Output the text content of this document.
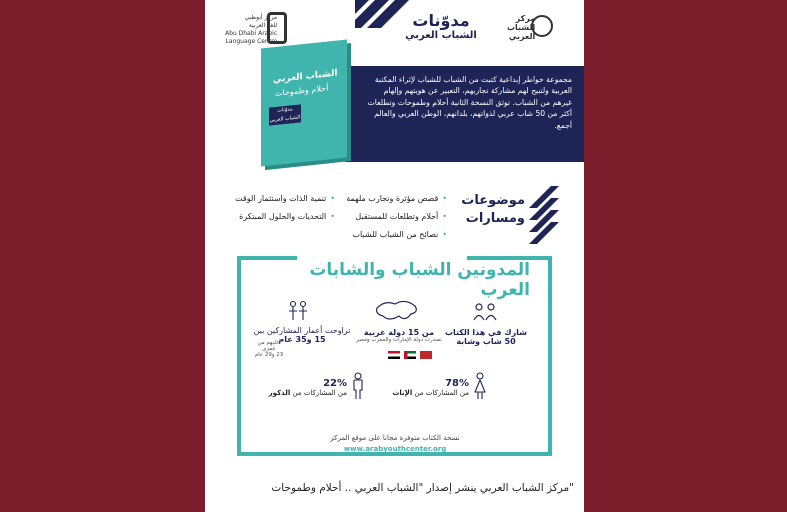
مركز أبوظبي
للغة العربية
Abu Dhabi Arabic
Language Centre
مدوّنات
الشباب العربي
مركز
الشباب
العربي
مجموعة خواطر إبداعية كتبت من الشباب للشباب لإثراء المكتبة العربية ولتبيح لهم مشاركة تجاربهم، التعبير عن هويتهم وإلهام غيرهم من الشباب. توثق النسخة الثانية أحلام وطموحات وتطلعات أكثر من 50 شاب عربي لذواتهم، بلدانهم، الوطن العربي والعالم أجمع.
الشباب العربي
أحلام وطموحات
مدوّنات الشباب العربي
موضوعات
ومسارات
•قصص مؤثرة وتجارب ملهمة
•أحلام وتطلعات للمستقبل
•نصائح من الشباب للشباب
•تنمية الذات واستثمار الوقت
•التحديات والحلول المبتكرة
المدونين الشباب والشابات العرب
شارك في هذا الكتاب
50 شاب وشابة
من 15 دولة عربية
تصدرت دولة الإمارات والمغرب ومصر
تراوحت أعمار المشاركين بين
15 و35 عام
أغلبهم من عمري
23 و29 عام
78%
من المشاركات من الإناث
22%
من المشاركات من الذكور
نسخة الكتاب متوفرة مجانا على موقع المركز
www.arabyouthcenter.org
"مركز الشباب العربي ينشر إصدار "الشباب العربي .. أحلام وطموحات
